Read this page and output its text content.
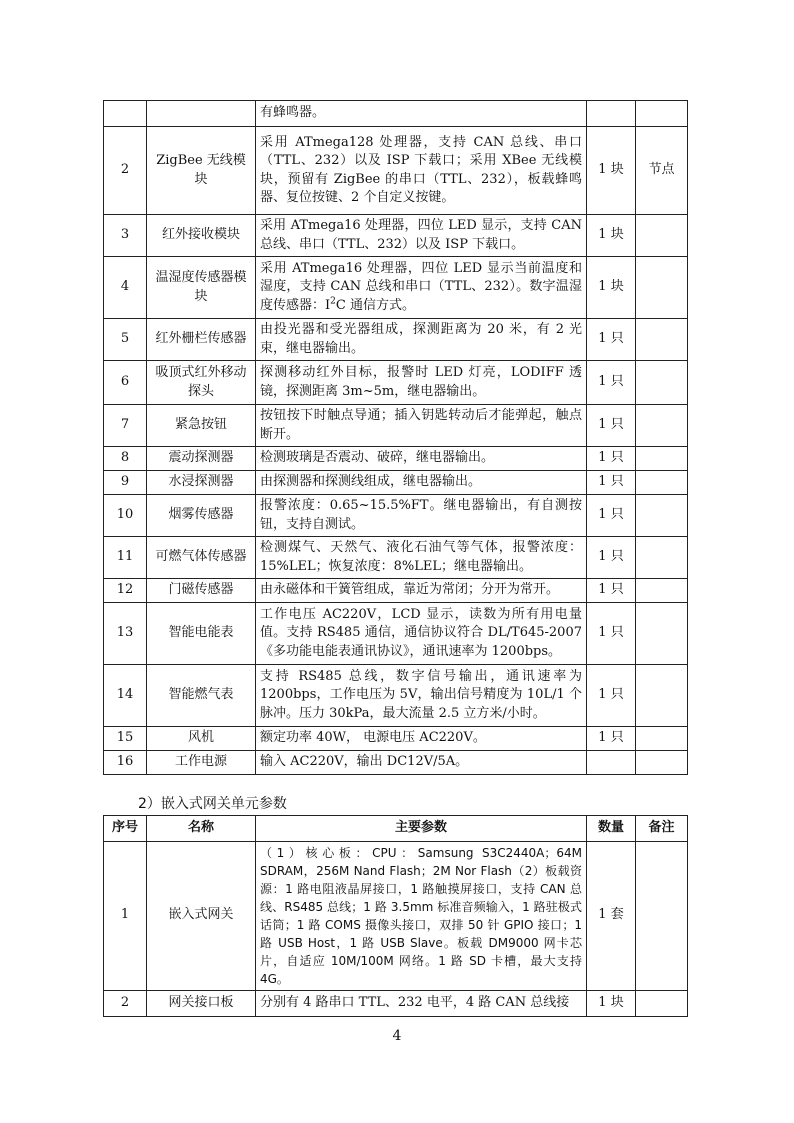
		有蜂鸣器。		
2	ZigBee 无线模块	采用 ATmega128 处理器，支持 CAN 总线、串口（TTL、232）以及 ISP 下载口；采用 XBee 无线模块，预留有 ZigBee 的串口（TTL、232），板载蜂鸣器、复位按键、2 个自定义按键。	1 块	节点
3	红外接收模块	采用 ATmega16 处理器，四位 LED 显示，支持 CAN 总线、串口（TTL、232）以及 ISP 下载口。	1 块	
4	温湿度传感器模块	采用 ATmega16 处理器，四位 LED 显示当前温度和湿度，支持 CAN 总线和串口（TTL、232）。数字温湿度传感器：$I^2C$ 通信方式。	1 块	
5	红外栅栏传感器	由投光器和受光器组成，探测距离为 20 米，有 2 光束，继电器输出。	1 只	
6	吸顶式红外移动探头	探测移动红外目标，报警时 LED 灯亮，LODIFF 透镜，探测距离 3m~5m，继电器输出。	1 只	
7	紧急按钮	按钮按下时触点导通；插入钥匙转动后才能弹起，触点断开。	1 只	
8	震动探测器	检测玻璃是否震动、破碎，继电器输出。	1 只	
9	水浸探测器	由探测器和探测线组成，继电器输出。	1 只	
10	烟雾传感器	报警浓度：0.65~15.5%FT。继电器输出，有自测按钮，支持自测试。	1 只	
11	可燃气体传感器	检测煤气、天然气、液化石油气等气体，报警浓度：15%LEL；恢复浓度：8%LEL；继电器输出。	1 只	
12	门磁传感器	由永磁体和干簧管组成，靠近为常闭；分开为常开。	1 只	
13	智能电能表	工作电压 AC220V，LCD 显示，读数为所有用电量值。支持 RS485 通信，通信协议符合 DL/T645-2007《多功能电能表通讯协议》，通讯速率为 1200bps。	1 只	
14	智能燃气表	支持 RS485 总线，数字信号输出，通讯速率为 1200bps，工作电压为 5V，输出信号精度为 10L/1 个脉冲。压力 30kPa，最大流量 2.5 立方米/小时。	1 只	
15	风机	额定功率 40W， 电源电压 AC220V。	1 只	
16	工作电源	输入 AC220V，输出 DC12V/5A。		
2）嵌入式网关单元参数
序号	名称	主要参数	数量	备注
1	嵌入式网关	（1）核心板：CPU：Samsung S3C2440A；64M SDRAM，256M Nand Flash；2M Nor Flash（2）板载资源：1 路电阻液晶屏接口，1 路触摸屏接口，支持 CAN 总线、RS485 总线；1 路 3.5mm 标准音频输入，1 路驻极式话筒；1 路 COMS 摄像头接口，双排 50 针 GPIO 接口；1 路 USB Host，1 路 USB Slave。板载 DM9000 网卡芯片，自适应 10M/100M 网络。1 路 SD 卡槽，最大支持 4G。	1 套	
2	网关接口板	分别有 4 路串口 TTL、232 电平，4 路 CAN 总线接	1 块	
4
